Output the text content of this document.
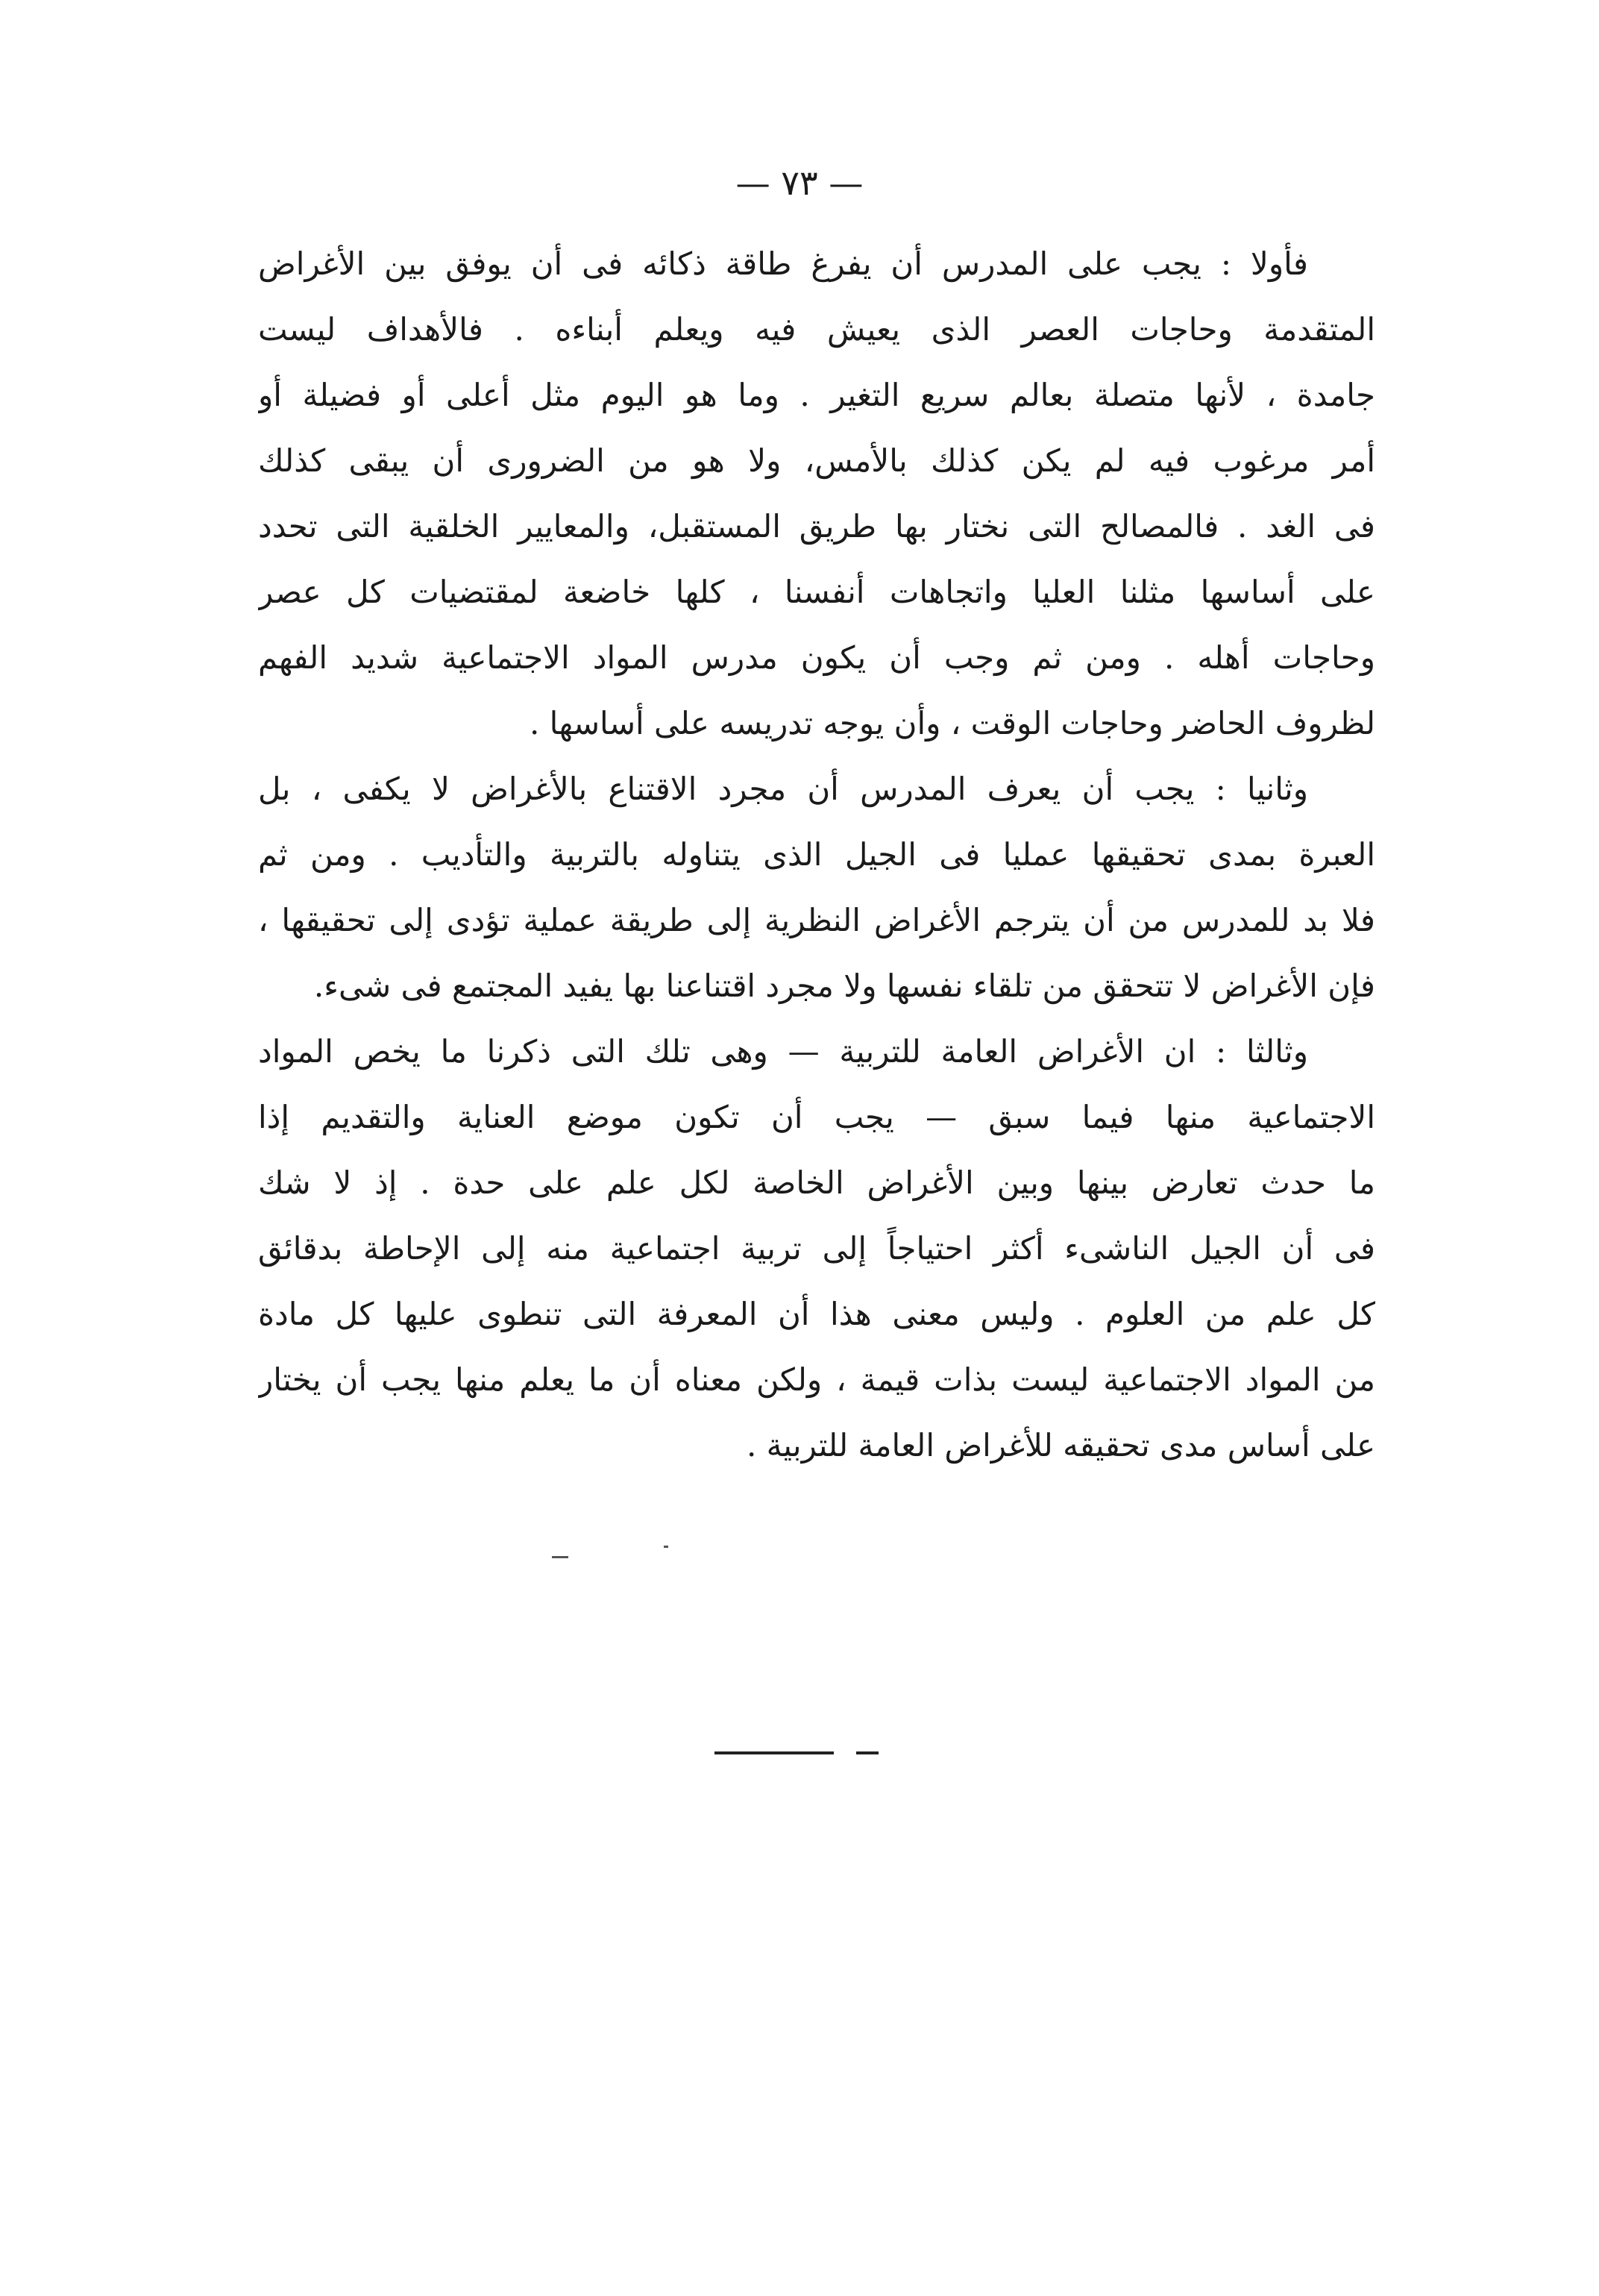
— ٧٣ —
فأولا : يجب على المدرس أن يفرغ طاقة ذكائه فى أن يوفق بين الأغراض
المتقدمة وحاجات العصر الذى يعيش فيه ويعلم أبناءه . فالأهداف ليست
جامدة ، لأنها متصلة بعالم سريع التغير . وما هو اليوم مثل أعلى أو فضيلة أو
أمر مرغوب فيه لم يكن كذلك بالأمس، ولا هو من الضرورى أن يبقى كذلك
فى الغد . فالمصالح التى نختار بها طريق المستقبل، والمعايير الخلقية التى تحدد
على أساسها مثلنا العليا واتجاهات أنفسنا ، كلها خاضعة لمقتضيات كل عصر
وحاجات أهله . ومن ثم وجب أن يكون مدرس المواد الاجتماعية شديد الفهم
لظروف الحاضر وحاجات الوقت ، وأن يوجه تدريسه على أساسها .
وثانيا : يجب أن يعرف المدرس أن مجرد الاقتناع بالأغراض لا يكفى ، بل
العبرة بمدى تحقيقها عمليا فى الجيل الذى يتناوله بالتربية والتأديب . ومن ثم
فلا بد للمدرس من أن يترجم الأغراض النظرية إلى طريقة عملية تؤدى إلى تحقيقها ،
فإن الأغراض لا تتحقق من تلقاء نفسها ولا مجرد اقتناعنا بها يفيد المجتمع فى شىء.
وثالثا : ان الأغراض العامة للتربية — وهى تلك التى ذكرنا ما يخص المواد
الاجتماعية منها فيما سبق — يجب أن تكون موضع العناية والتقديم إذا
ما حدث تعارض بينها وبين الأغراض الخاصة لكل علم على حدة . إذ لا شك
فى أن الجيل الناشىء أكثر احتياجاً إلى تربية اجتماعية منه إلى الإحاطة بدقائق
كل علم من العلوم . وليس معنى هذا أن المعرفة التى تنطوى عليها كل مادة
من المواد الاجتماعية ليست بذات قيمة ، ولكن معناه أن ما يعلم منها يجب أن يختار
على أساس مدى تحقيقه للأغراض العامة للتربية .
